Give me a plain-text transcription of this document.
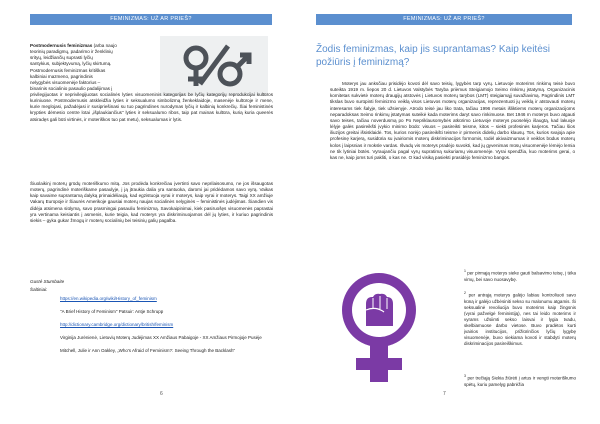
FEMINIZMAS: UŽ AR PRIEŠ?

Postmodernusis feminizmas (arba naujo
teorinių paradigmų, padarimo ir ženklinių
srityų, leidžiančių suprasti lyčių
santykius, subjektyvumą, lyčių skirtumą.
Postmodernusis feminizmas kritiškas
kalbiniai mazmeno, pagrindinis
nelygybės visuomenėje faktorius –
binarinis socialinio pasaulio padalijimas į

privilegijuotas ir neprivilegijuotas socialinės lyties visuomeninis kategorijas be lyčių kategorijų reprodukcijai kultūros kuriniuose. Postmodernusis atskleidžia lyties ir seksualumo simbolizmą ženkeklaidoje, masenėje kultūroje ir mene, kurie meglojasi, pažadėjasi ir susipriešinasi su tuo pagrindines nurodymas lyčių ir kalbinių konkrečių. Šiai feministinės krypties dėmesio centre lotai „išplaukiančius" lyties ir seksualumo ribos, taip pat mainas kultūra, kurią kuria queerės atsiradęs gali būti virtinės, ir moteriškos tuo pat metu), seksualumas ir lytis.

Šiuolaikinį moterų grūdų moteriškumo mitą. Jos prodėda konkrečiau įvertinti savo neprilaisosumo, ne jos išsaugotas moterų, pagrindinė moteriškame pasaulyje, į ją įtraukia dalia yra santuoka, daromi jai pridėdamos savo vyrą. Vaikas kaip savaime suprantamą dalyką primaidėliaują, kad egzistuoja vyrai ir moterys, kaip vyrai ir moterys. Taigi XX amžiuje Vakarų Europoje ir Šiaurės Amerikoje gausiai moterų naujas socialinės nelyginės – feministinės judėjimas. Šiandien vis didėja atsimena siūlymą, savo prasmingai pasauliu feminizmą. Savokaipinimai, kiek pasiruošęs visuomenės paprastai yra vertinama keisiantis į asmenis, kurie teigia, kad moterys yra diskriminuojamos dėl jų lyties, ir kuriuo pagrindinis siekis – gyka gukar žmogų ir moterų socialinių bei teisinių galių pagalba.

Gusté Stumbaite

Šaltiniai:

https://en.wikipedia.org/wiki/History_of_feminism

"A Brief History of Feminism" Patsuir: Antje Schrupp

http://dictionary.cambridge.org/dictionary/british/feminism

Virginija Jurėnienė, Lietuvių Moterų Judėjimas XX Amžiaus Pabaigoje - XX Amžiaus Pirmojoje Pusėje

Mitchell, Julie ir Ann Oakley, „Who's Afraid of Feminism?: Seeing Through the Backlash"

6
FEMINIZMAS: UŽ AR PRIEŠ?
Žodis feminizmas, kaip jis suprantamas? Kaip keitėsi požiūris į feminizmą?

Moterys jau anksčiau prisidėjo kovoti dėl savo teisių, lygybės tarp vyrų. Lietuvoje moterims rinkimų teisė buvo suteikta 1919 m. liepos 20 d. Lietuvos Valstybės Taryba priėmus Steigiamojo Seimo rinkimų įstatymą. Organizacinis komitetas sukvietė moterų draugijų atstovės į Lietuvos moterų tarybos (LMT) steigiamąjį suvažiavimą. Pagrindinis LMT tikslas buvo surūpinti feminizmo veiklą visos Lietuvos moterų organizacijas, reprezentuoti jų veiklą ir atstovauti moterų interesams tiek šalyje, tiek užsienyje. Atrodo teisė jau liko trata, tačiau 1996 metais išliktiems moterų organizacijoms neparadoksas Seimo rinkimų įstatymas suteikė kada moterims daryt savo rinkimuose. Bet 1946 m moterys buvo atgauti savo teises, tačiau noverdusmą po Po Nepriklausomybės atkūrimo Lietuvoje moterys puoselėjo išaugtą, kad lakuoje lėlyje galės pasireikšti įvykio minimo būdo: visuos – pasireikti teisme, kitos – siekti profesinės karjeros. Tačiau šios iliuzijos greitai išsisklaidė. Tos, kurios norėjo pasireikšti teisme ir pirmenis didelių darbo klausų. Tos, kurios svajoja apie profesinę karjerą, susidūria su įvairiomis moterų diskriminacijos formomis, todėl akivaizmumas ir veiklos būdus moterų kolos į laipsnias ir moksle vardas. Išvadų vis moterys pradėjo suvokti, kad jų gyvenimas mūsų visuomenėje lėmėjo lemia ne tik lytiniai būtės. Vyraujančiu pagal vyrų supratimą sukuriamų visuomenėje. Vyrai spendžia, kuo moterims gerai, o kas ne, kaip joms turi pakliti, o kas ne. O kad visiką pasiekti prasidėjo feminizmo bangos.

$^1$ per pirmąją moterys sieke gauti balsavimo teisę, į tėka vimų, bei savo nuosavybę.
$^2$ per antrąją moterys galėjo labiau kontroliuoti savo kūną ir galėjo užbėsiniti sekso su malonumu atgamis. Ši seksualinė revoliucija buvo moterims kaip žingsnis (vyrai pažvelgė feministiją), nes tai leido moterims ir vyrams užsiimti sekso laisvai ir lygia tvadu, skelbiamuose darbo vietose. Buvo pradėtos kurti įvairios institucijos, prižiūrinčios lyčių lygybę visuomenėje, buvo siekiama kovoti ir stabdyti moterų diskriminacijos pasireiškimus.
$^3$ per trečiąją Siekia žiūrėti į artus ir vengti moteriškumo spėtų, kuriu pamelyg pabrėžia
7
